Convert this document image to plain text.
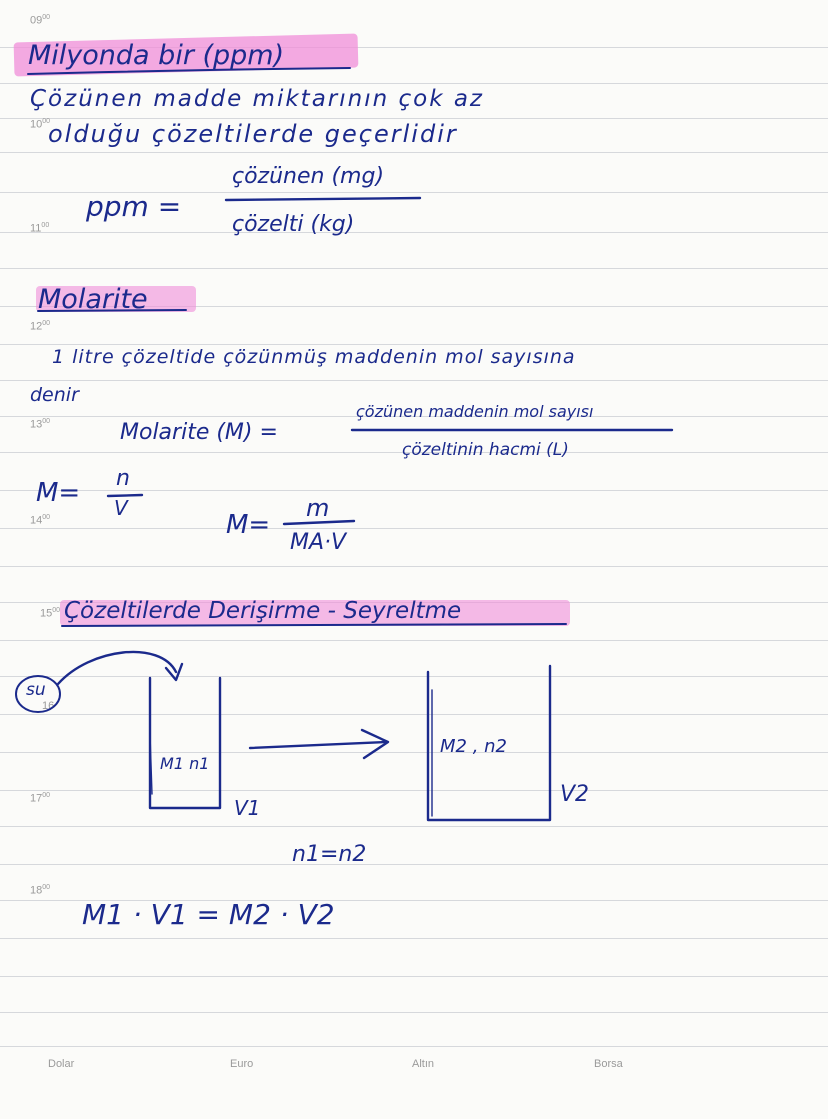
$09^{00}$
$10^{00}$
$11^{00}$
$12^{00}$
$13^{00}$
$14^{00}$
$15^{00}$
16
$17^{00}$
$18^{00}$
Milyonda bir (ppm)
Çözünen madde miktarının çok az
olduğu çözeltilerde geçerlidir
ppm =
çözünen (mg)
çözelti (kg)
Molarite
1 litre çözeltide çözünmüş maddenin mol sayısına
denir
Molarite (M) =
çözünen maddenin mol sayısı
çözeltinin hacmi (L)
M= n
V
M=
m
MA·V
Çözeltilerde Derişirme - Seyreltme
su
M1 n1
V1
M2 , n2
V2
n1=n2
M1 · V1 = M2 · V2
Dolar	Euro	Altın	Borsa
